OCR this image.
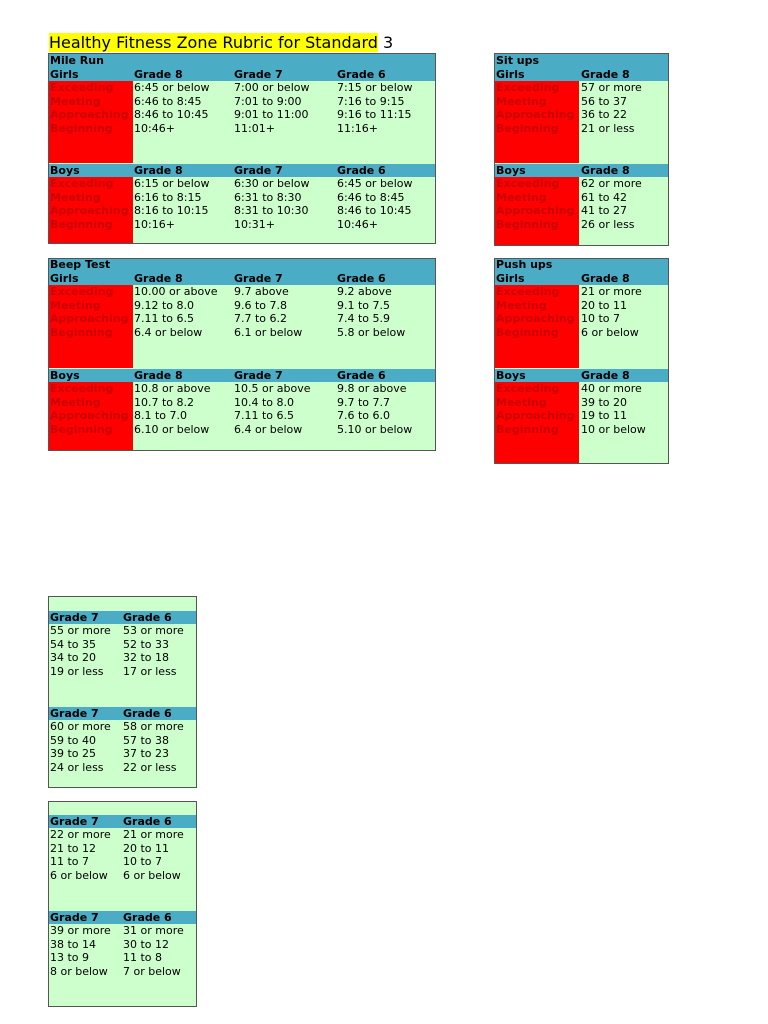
Healthy Fitness Zone Rubric for Standard 3
Mile Run
Girls	Grade 8	Grade 7	Grade 6
Exceeding 6:45 or below	7:00 or below	7:15 or below
Meeting	6:46 to 8:45	7:01 to 9:00	7:16 to 9:15
Approaching 8:46 to 10:45	9:01 to 11:00	9:16 to 11:15
Beginning 10:46+	11:01+	11:16+
Boys	Grade 8	Grade 7	Grade 6
Exceeding 6:15 or below	6:30 or below	6:45 or below
Meeting	6:16 to 8:15	6:31 to 8:30	6:46 to 8:45
Approaching 8:16 to 10:15	8:31 to 10:30	8:46 to 10:45
Beginning 10:16+	10:31+	10:46+
Beep Test
Girls	Grade 8	Grade 7	Grade 6
Exceeding 10.00 or above	9.7 above	9.2 above
Meeting	9.12 to 8.0	9.6 to 7.8	9.1 to 7.5
Approaching 7.11 to 6.5	7.7 to 6.2	7.4 to 5.9
Beginning 6.4 or below	6.1 or below	5.8 or below
Boys	Grade 8	Grade 7	Grade 6
Exceeding 10.8 or above	10.5 or above	9.8 or above
Meeting	10.7 to 8.2	10.4 to 8.0	9.7 to 7.7
Approaching 8.1 to 7.0	7.11 to 6.5	7.6 to 6.0
Beginning 6.10 or below	6.4 or below	5.10 or below
Sit ups
Girls	Grade 8
Exceeding 57 or more
Meeting	56 to 37
Approaching 36 to 22
Beginning 21 or less
Boys	Grade 8
Exceeding 62 or more
Meeting	61 to 42
Approaching 41 to 27
Beginning 26 or less
Push ups
Girls	Grade 8
Exceeding 21 or more
Meeting	20 to 11
Approaching 10 to 7
Beginning 6 or below
Boys	Grade 8
Exceeding 40 or more
Meeting	39 to 20
Approaching 19 to 11
Beginning 10 or below
Grade 7	Grade 6
55 or more	53 or more
54 to 35	52 to 33
34 to 20	32 to 18
19 or less	17 or less
Grade 7	Grade 6
60 or more	58 or more
59 to 40	57 to 38
39 to 25	37 to 23
24 or less	22 or less
Grade 7	Grade 6
22 or more	21 or more
21 to 12	20 to 11
11 to 7	10 to 7
6 or below	6 or below
Grade 7	Grade 6
39 or more	31 or more
38 to 14	30 to 12
13 to 9	11 to 8
8 or below	7 or below
